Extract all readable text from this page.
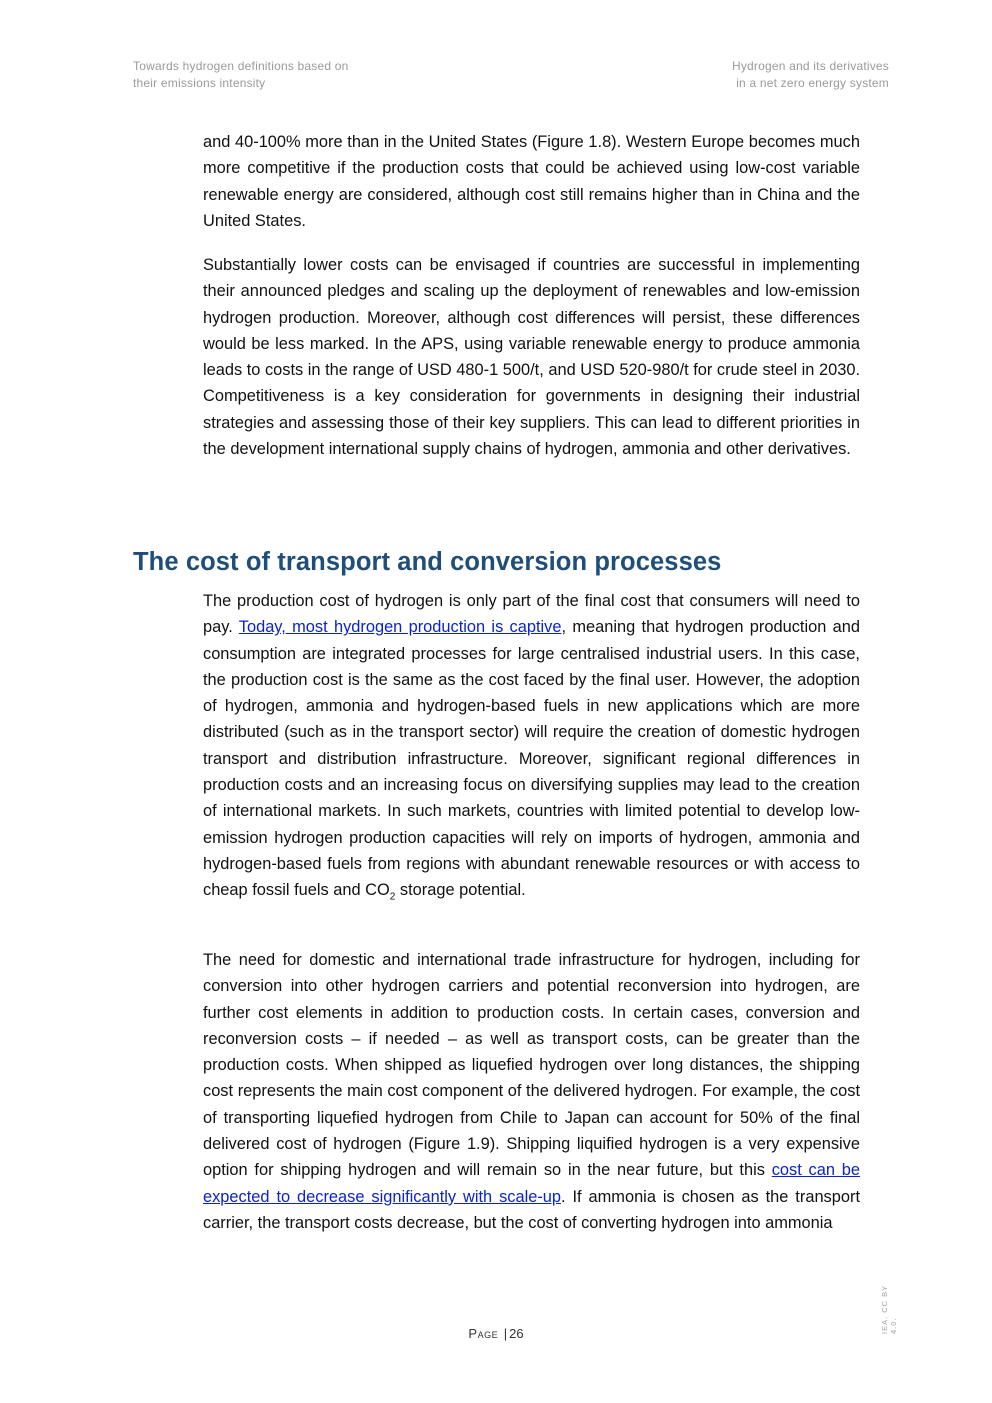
Towards hydrogen definitions based on
their emissions intensity
Hydrogen and its derivatives
in a net zero energy system

and 40-100% more than in the United States (Figure 1.8). Western Europe becomes much more competitive if the production costs that could be achieved using low-cost variable renewable energy are considered, although cost still remains higher than in China and the United States.

Substantially lower costs can be envisaged if countries are successful in implementing their announced pledges and scaling up the deployment of renewables and low-emission hydrogen production. Moreover, although cost differences will persist, these differences would be less marked. In the APS, using variable renewable energy to produce ammonia leads to costs in the range of USD 480-1 500/t, and USD 520-980/t for crude steel in 2030. Competitiveness is a key consideration for governments in designing their industrial strategies and assessing those of their key suppliers. This can lead to different priorities in the development international supply chains of hydrogen, ammonia and other derivatives.

The cost of transport and conversion processes

The production cost of hydrogen is only part of the final cost that consumers will need to pay. Today, most hydrogen production is captive, meaning that hydrogen production and consumption are integrated processes for large centralised industrial users. In this case, the production cost is the same as the cost faced by the final user. However, the adoption of hydrogen, ammonia and hydrogen-based fuels in new applications which are more distributed (such as in the transport sector) will require the creation of domestic hydrogen transport and distribution infrastructure. Moreover, significant regional differences in production costs and an increasing focus on diversifying supplies may lead to the creation of international markets. In such markets, countries with limited potential to develop low-emission hydrogen production capacities will rely on imports of hydrogen, ammonia and hydrogen-based fuels from regions with abundant renewable resources or with access to cheap fossil fuels and $CO_2$ storage potential.

The need for domestic and international trade infrastructure for hydrogen, including for conversion into other hydrogen carriers and potential reconversion into hydrogen, are further cost elements in addition to production costs. In certain cases, conversion and reconversion costs – if needed – as well as transport costs, can be greater than the production costs. When shipped as liquefied hydrogen over long distances, the shipping cost represents the main cost component of the delivered hydrogen. For example, the cost of transporting liquefied hydrogen from Chile to Japan can account for 50% of the final delivered cost of hydrogen (Figure 1.9). Shipping liquified hydrogen is a very expensive option for shipping hydrogen and will remain so in the near future, but this cost can be expected to decrease significantly with scale-up. If ammonia is chosen as the transport carrier, the transport costs decrease, but the cost of converting hydrogen into ammonia

IEA. CC BY 4.0.
Page | 26
